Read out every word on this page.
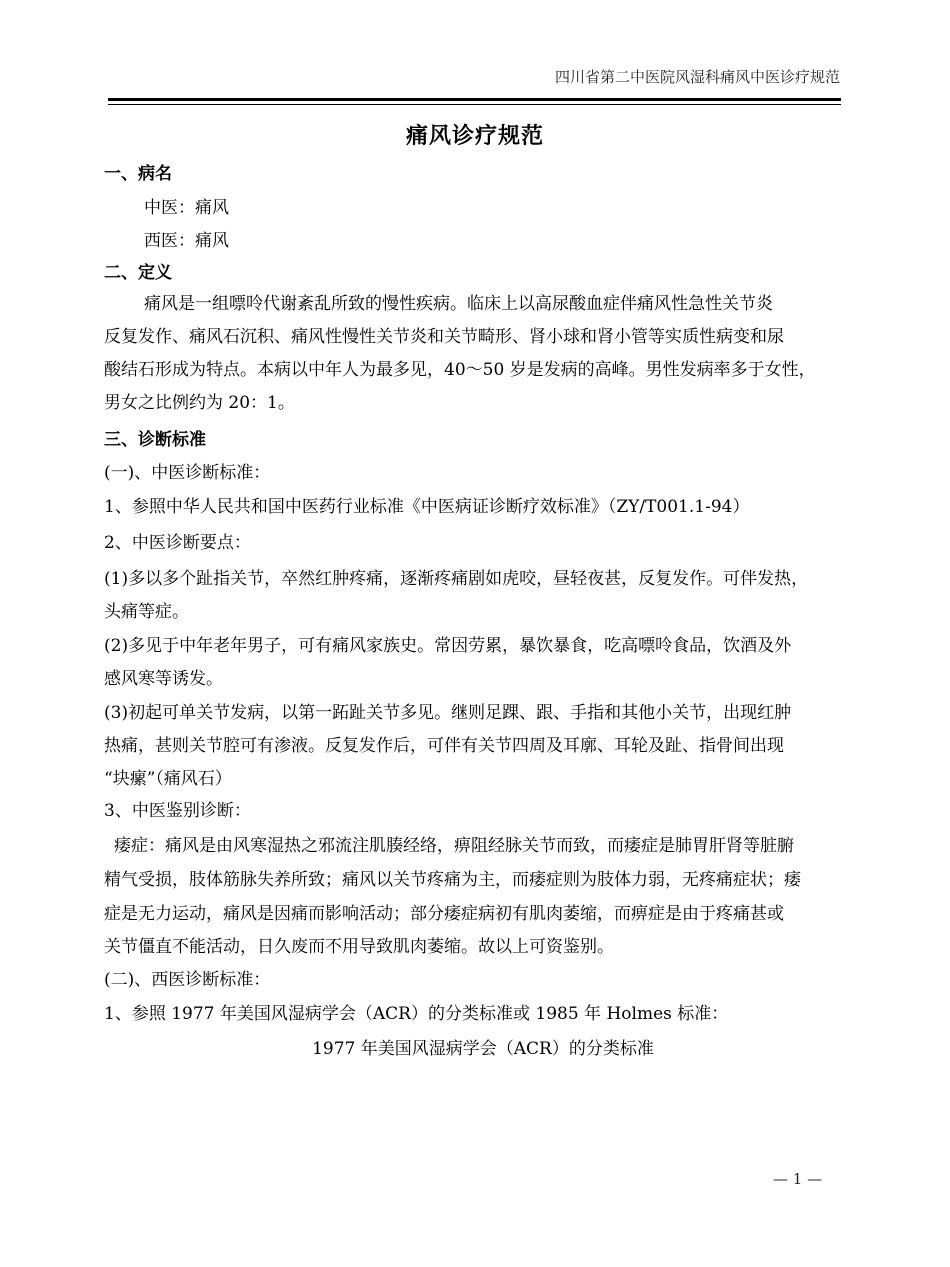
四川省第二中医院风湿科痛风中医诊疗规范
痛风诊疗规范
一、病名
中医：痛风
西医：痛风
二、定义
痛风是一组嘌呤代谢紊乱所致的慢性疾病。临床上以高尿酸血症伴痛风性急性关节炎
反复发作、痛风石沉积、痛风性慢性关节炎和关节畸形、肾小球和肾小管等实质性病变和尿
酸结石形成为特点。本病以中年人为最多见，40～50 岁是发病的高峰。男性发病率多于女性，
男女之比例约为 20：1。
三、诊断标准
(一)、中医诊断标准：
1、参照中华人民共和国中医药行业标准《中医病证诊断疗效标准》（ZY/T001.1-94）
2、中医诊断要点：
(1)多以多个趾指关节，卒然红肿疼痛，逐渐疼痛剧如虎咬，昼轻夜甚，反复发作。可伴发热，
头痛等症。
(2)多见于中年老年男子，可有痛风家族史。常因劳累，暴饮暴食，吃高嘌呤食品，饮酒及外
感风寒等诱发。
(3)初起可单关节发病，以第一跖趾关节多见。继则足踝、跟、手指和其他小关节，出现红肿
热痛，甚则关节腔可有渗液。反复发作后，可伴有关节四周及耳廓、耳轮及趾、指骨间出现
“块瘰”（痛风石）
3、中医鉴别诊断：
痿症：痛风是由风寒湿热之邪流注肌腠经络，痹阻经脉关节而致，而痿症是肺胃肝肾等脏腑
精气受损，肢体筋脉失养所致；痛风以关节疼痛为主，而痿症则为肢体力弱，无疼痛症状；痿
症是无力运动，痛风是因痛而影响活动；部分痿症病初有肌肉萎缩，而痹症是由于疼痛甚或
关节僵直不能活动，日久废而不用导致肌肉萎缩。故以上可资鉴别。
(二)、西医诊断标准：
1、参照 1977 年美国风湿病学会（ACR）的分类标准或 1985 年 Holmes 标准：
1977 年美国风湿病学会（ACR）的分类标准
— 1 —
